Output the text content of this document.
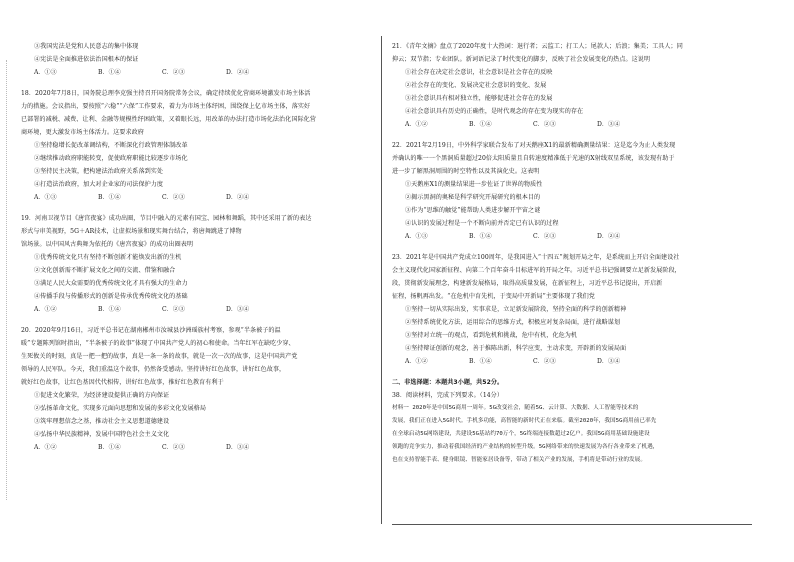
③我国宪法是党和人民意志的集中体现
④宪法是全面推进依法治国根本的保证
A．①③	B．①④	C．②③	D．②④
18．2020年7月8日，国务院总理李克强主持召开国务院常务会议，确定持续优化营商环境激发市场主体活
力的措施。会议指出，要按照“六稳”“六保”工作要求，着力为市场主体纾困，围绕保上亿市场主体，落实好
已部署的减税、减费、让利、金融等规模性纾困政策，又着眼长远，用改革的办法打造市场化法治化国际化营
商环境，更大激发市场主体活力。这要求政府
①坚持稳增长促改革调结构，不断深化行政管理体制改革
②继续推动政府职能转变，促使政府职能比较逐步市场化
③坚持民主决策，把构建法治政府关系落到实处
④打造法治政府，加大对企业家的司法保护力度
A．①③	B．①④	C．②③	D．②④
19．河南卫视节目《唐宫夜宴》成功出圈，节目中融入的元素有国宝、园林和舞蹈，其中还采用了新的表达
形式与审美视野，5G＋AR技术，让虚拟场景和现实舞台结合，将唐舞跳进了博物
馆场景。以中国风古典舞为依托的《唐宫夜宴》的成功出圈表明
①优秀传统文化只有坚持不断创新才能焕发出新的生机
②文化创新需不断扩展文化之间的交流、借鉴和融合
③满足人民大众需要的优秀传统文化才具有强大的生命力
④传播手段与传播形式的创新是传承优秀传统文化的基础
A．①②	B．①④	C．②③	D．③④
20．2020年9月16日，习近平总书记在湖南郴州市汝城县沙洲瑶族村考察，参观“半条被子的温
暖”专题陈列馆时指出，“半条被子的故事”体现了中国共产党人的初心和使命。当年红军在缺吃少穿、
生死攸关的时刻，真是一把一把的故事，真是一条一条的故事，就是一次一次的故事，这是中国共产党
领导的人民军队。今天，我们重温这个故事，仍然备受感动。坚持讲好红色故事，讲好红色故事，
就好红色故事，让红色基因代代相传，讲好红色故事，推好红色教育有利于
①促进文化繁荣，为经济建设提供正确的方向保证
②弘扬革命文化，实现多元面向思想和发展的多彩文化发展格局
③筑牢理想信念之基，推动社会主义思想道德建设
④弘扬中华民族精神，发展中国特色社会主义文化
A．①②	B．①④	C．②③	D．③④
21．《青年文摘》盘点了2020年度十大热词：退行者；云监工；打工人；尾款人；后浪；集美；工具人；同
抑云；双节指；专业团队。新词语记录了时代变化的脚步，反映了社会发展变化的热点。这说明
①社会存在决定社会意识，社会意识是社会存在的反映
②社会存在的变化、发展决定社会意识的变化、发展
③社会意识具有相对独立性，能够促进社会存在的发展
④社会意识具有历史的正确性，是时代观念的存在变为现实的存在
A．①②	B．①④	C．②③	D．③④
22．2021年2月19日，中外科学家联合发布了对天鹅座X1的最新精确测量结果：这是迄今为止人类发现
并确认的唯一一个黑洞质量超过20倍太阳质量且自转速度精准低于光速的X射线双星系统，该发现有助于
进一步了解黑洞周围的时空特性以及其演化史。这表明
①天鹅座X1的测量结果进一步佐证了世界的物质性
②揭示黑洞的奥秘是科学研究开展研究的根本目的
③作为“思维的触觉”能帮助人类进步解开宇宙之谜
④认识的发展过程是一个不断向前并否定已有认识的过程
A．①③	B．①④	C．②③	D．②④
23．2021年是中国共产党成立100周年，是我国进入“十四五”规划开局之年，是系统而上开启全面建设社
会主义现代化国家新征程、向第二个百年奋斗目标进军的开局之年。习近平总书记强调要立足新发展阶段，
段，贯彻新发展理念，构建新发展格局，取得高质量发展，在新征程上，习近平总书记提出，开启新
征程，扬帆再出发。“在危机中育先机，于变局中开新局”主要体现了我们党
①坚持一切从实际出发，实事求是，立足新发展阶段，坚持全面的科学的创新精神
②坚持系统优化方法，运用综合的思维方式，积极应对复杂局面，进行战略谋划
③坚持对立统一的观点，看到危机和挑战，危中有机，化危为机
④坚持辩证创新的观念，善于推陈出新，科学应变，主动求变，开辟新的发展局面
A．①②	B．①④	C．②③	D．③④
二、非选择题：本题共3小题，共52分。
38．阅读材料，完成下列要求。（14分）
材料一 2020年是中国5G商用一周年。5G改变社会，随着5G、云计算、大数据、人工智能等技术的
发展，我们正在进入5G时代。手机多功能，高智能的新时代正在来临。截至2020年，我国5G商用前已率先
在全球启动5G网络建设，共建设5G基站约70万个，5G终端连接数超过2亿户。我国5G商用基础设施建设
领跑的竞争实力，推动着我国经济的产业结构的转型升级。5G网络带来的快速发展为各行各业带来了机遇，
也在支持智能手表、健身眼镜、智能家居设备等，带动了相关产业的发展，手机将是带动行业的发展。
